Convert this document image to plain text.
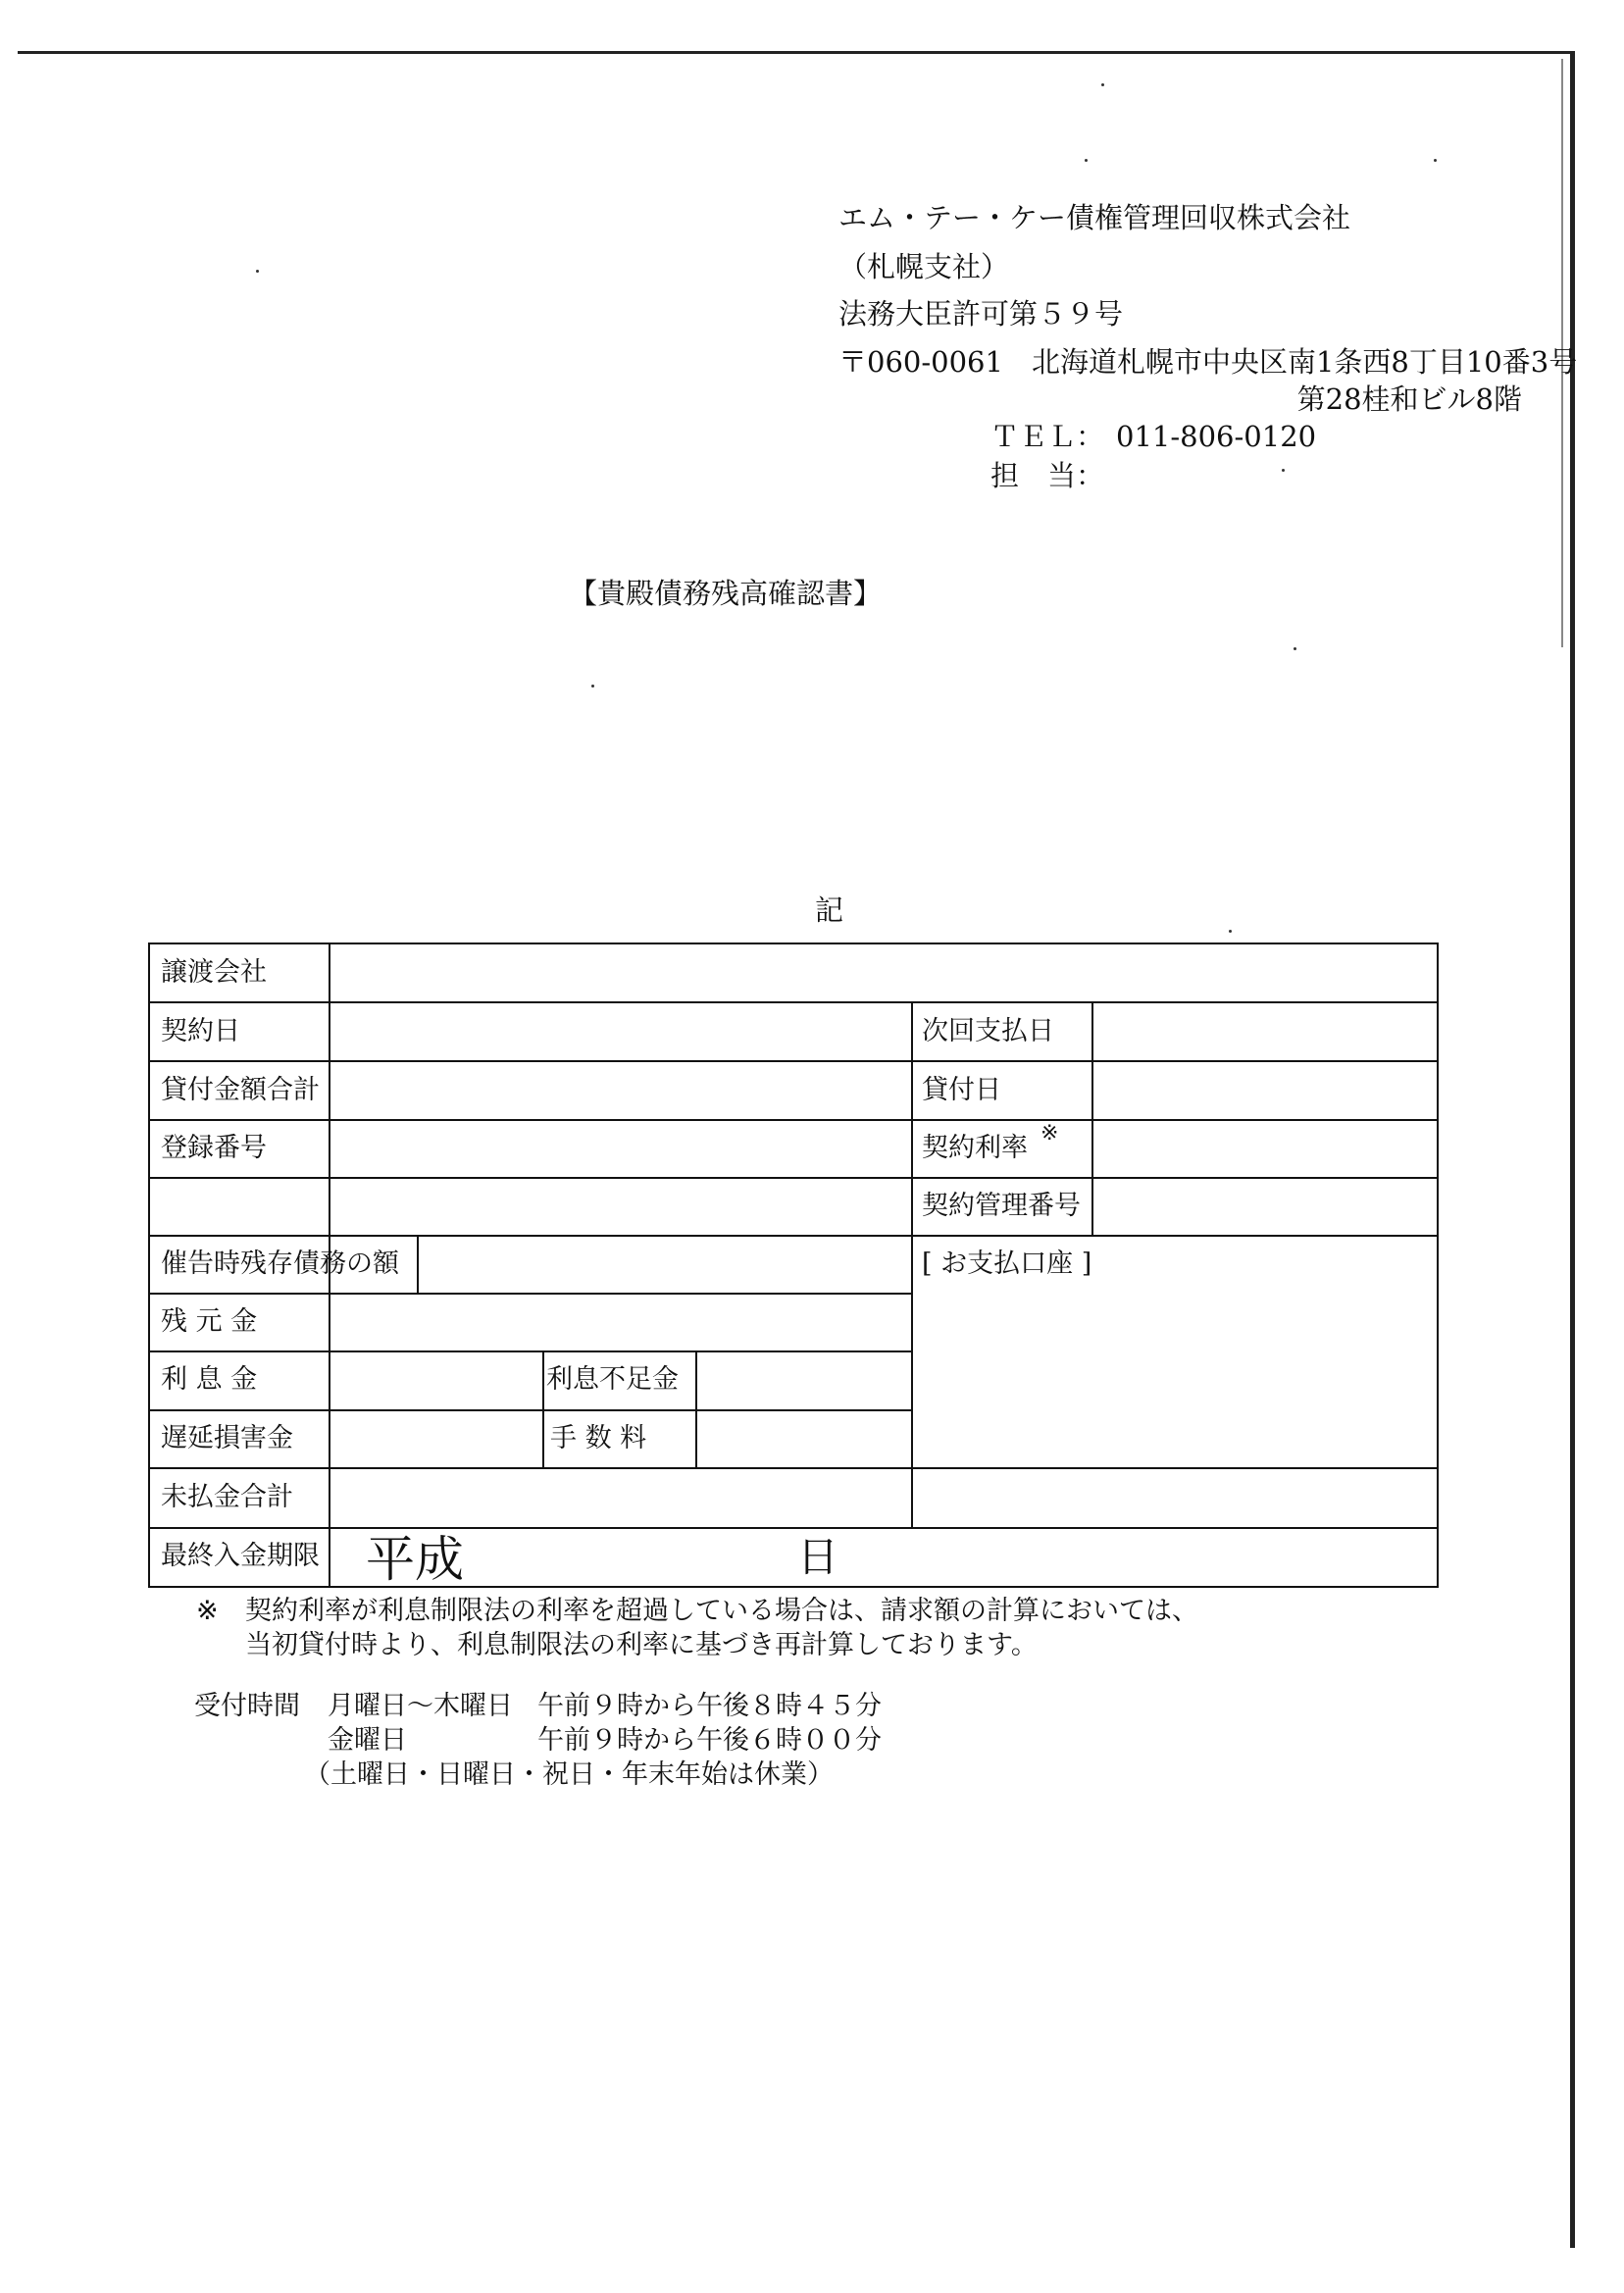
エム・テー・ケー債権管理回収株式会社
（札幌支社）
法務大臣許可第５９号
〒060-0061　北海道札幌市中央区南1条西8丁目10番3号
第28桂和ビル8階
ＴＥＬ： 011-806-0120
担　当：
【貴殿債務残高確認書】
記
譲渡会社
契約日
貸付金額合計
登録番号
催告時残存債務の額
残 元 金
利 息 金
遅延損害金
未払金合計
最終入金期限
利息不足金
手 数 料
次回支払日
貸付日
契約利率 ※
契約管理番号
[ お支払口座 ]
平成	日
※ 契約利率が利息制限法の利率を超過している場合は、請求額の計算においては、
当初貸付時より、利息制限法の利率に基づき再計算しております。
受付時間 月曜日～木曜日 午前９時から午後８時４５分
金曜日	午前９時から午後６時００分
（土曜日・日曜日・祝日・年末年始は休業）
